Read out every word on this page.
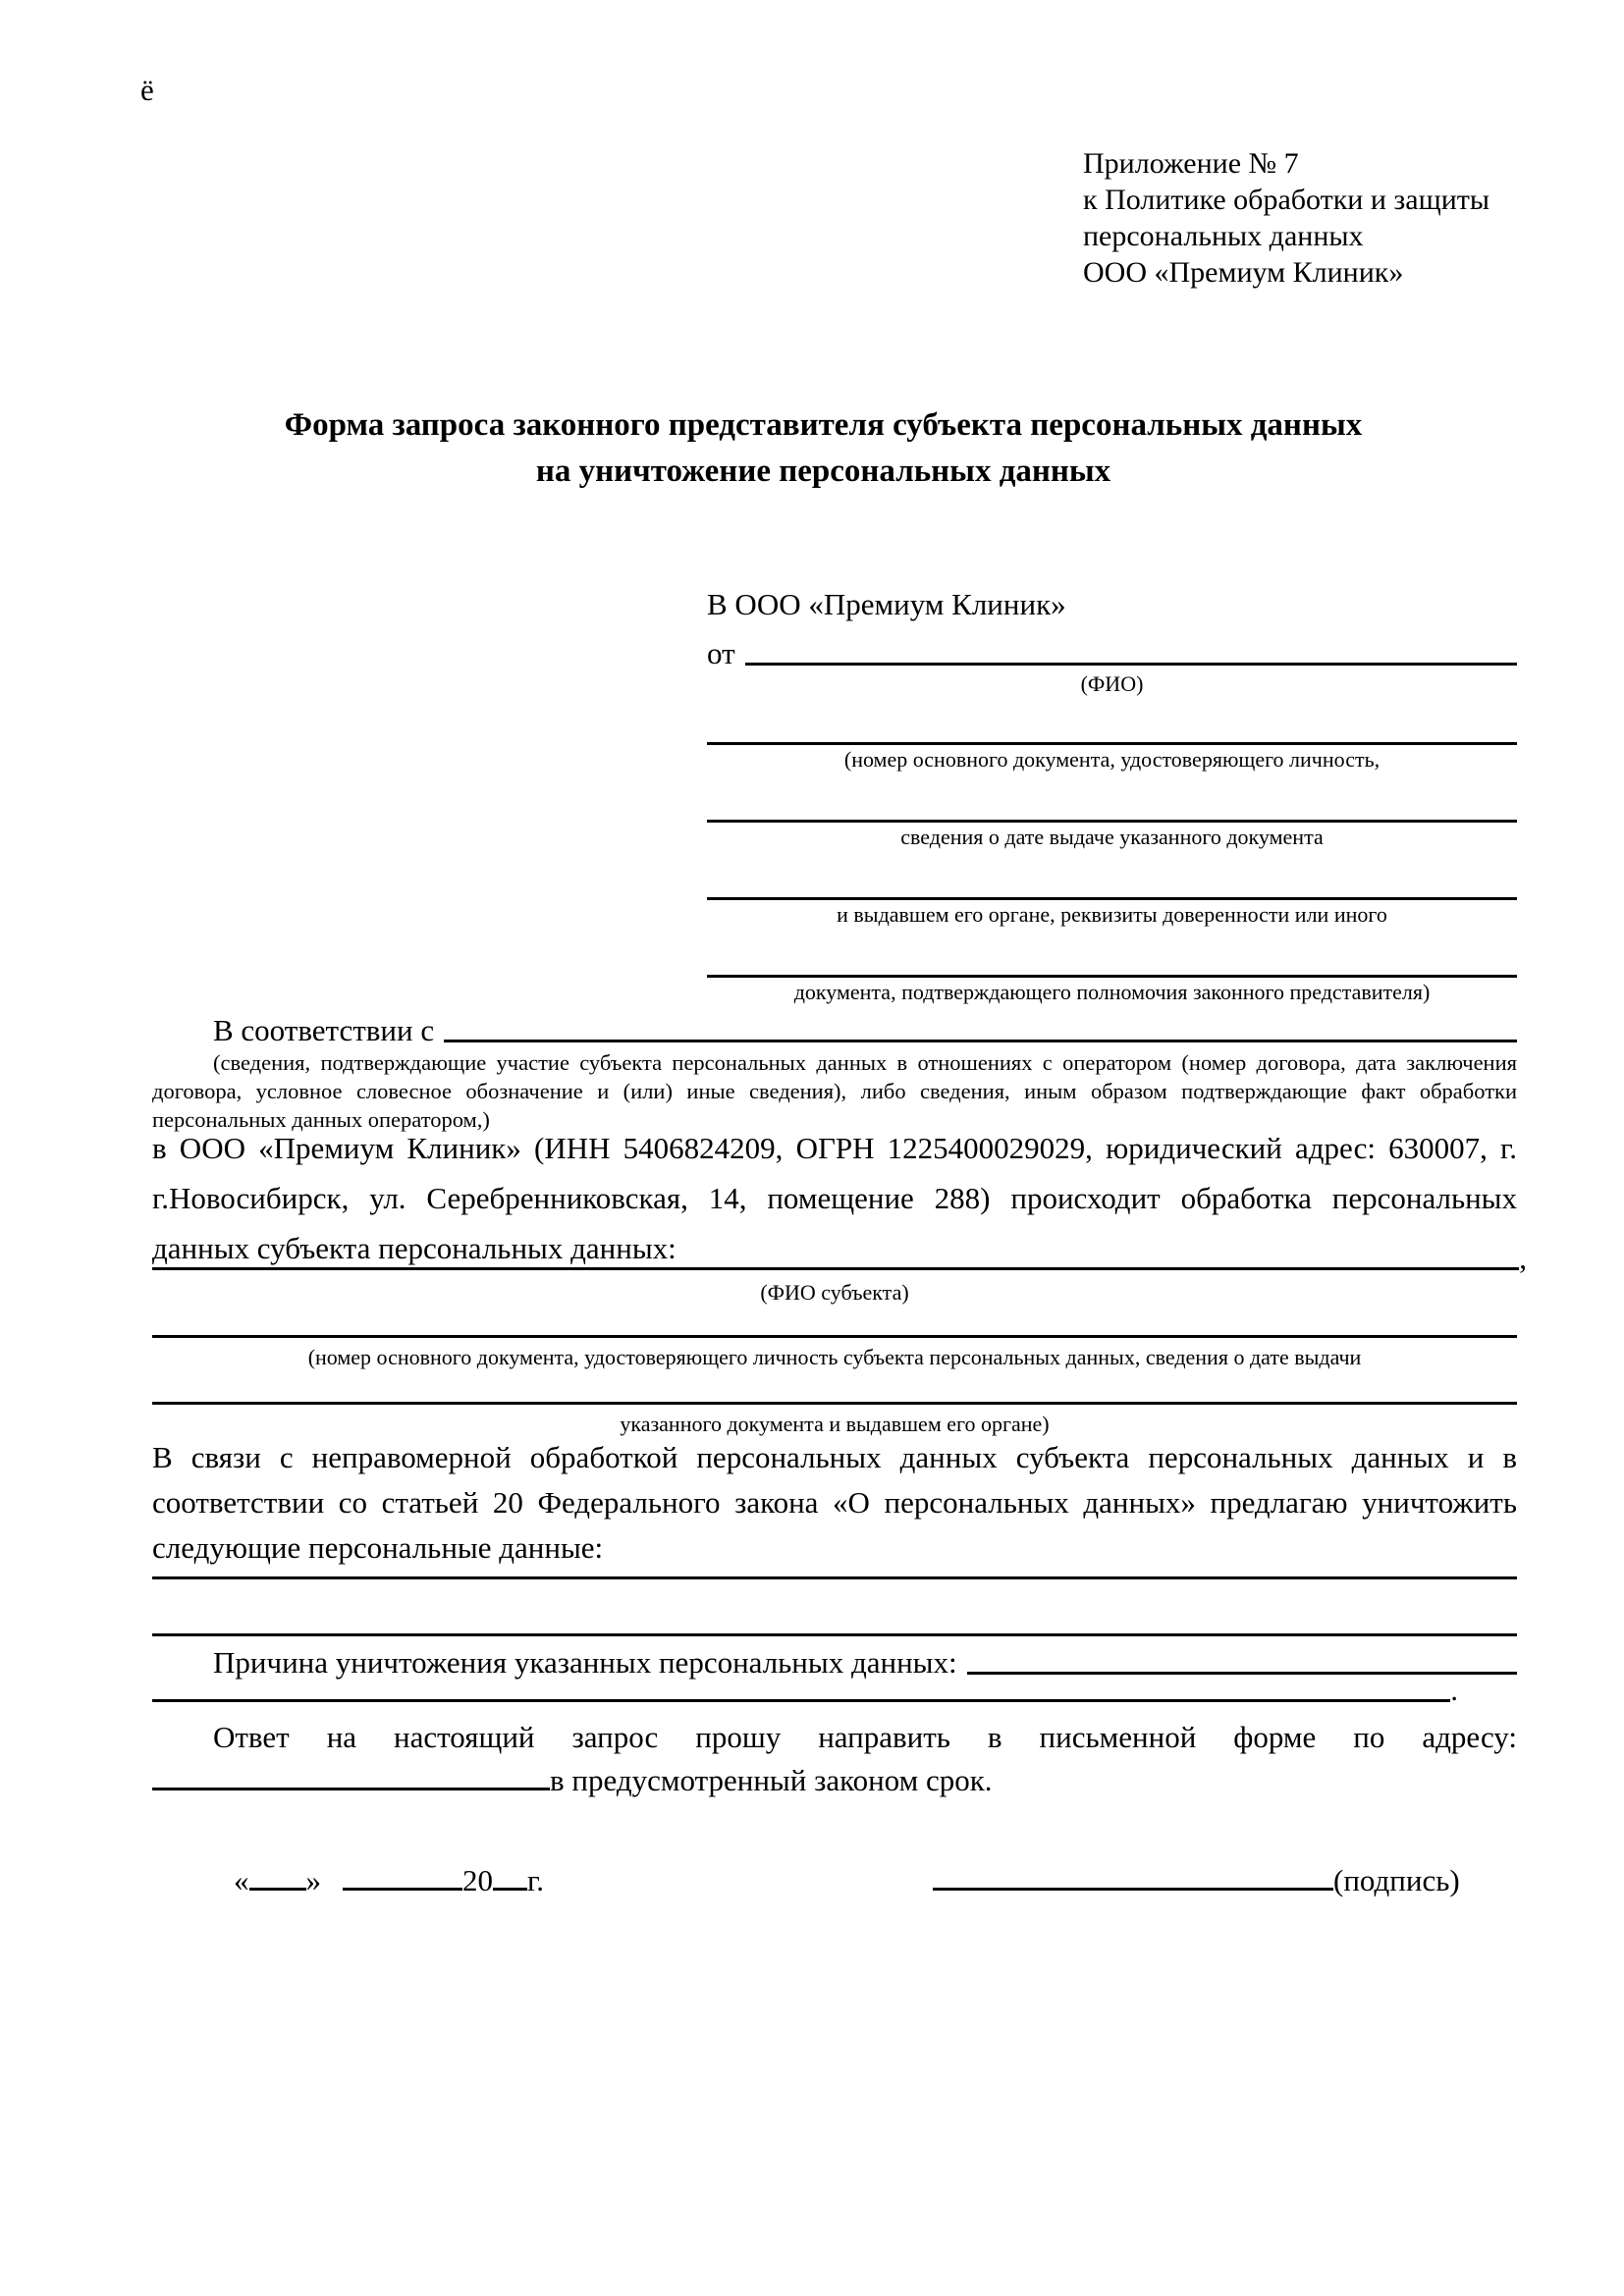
ё
Приложение № 7
к Политике обработки и защиты
персональных данных
ООО «Премиум Клиник»
Форма запроса законного представителя субъекта персональных данных
на уничтожение персональных данных
В ООО «Премиум Клиник»
от
(ФИО)
(номер основного документа, удостоверяющего личность,
сведения о дате выдаче указанного документа
и выдавшем его органе, реквизиты доверенности или иного
документа, подтверждающего полномочия законного представителя)
В соответствии с
(сведения, подтверждающие участие субъекта персональных данных в отношениях с оператором (номер договора, дата заключения договора, условное словесное обозначение и (или) иные сведения), либо сведения, иным образом подтверждающие факт обработки персональных данных оператором,)
в ООО «Премиум Клиник» (ИНН 5406824209, ОГРН 1225400029029, юридический адрес: 630007, г. г.Новосибирск, ул. Серебренниковская, 14, помещение 288) происходит обработка персональных данных субъекта персональных данных:	,
(ФИО субъекта)
(номер основного документа, удостоверяющего личность субъекта персональных данных, сведения о дате выдачи
указанного документа и выдавшем его органе)
В связи с неправомерной обработкой персональных данных субъекта персональных данных и в соответствии со статьей 20 Федерального закона «О персональных данных» предлагаю уничтожить следующие персональные данные:
Причина уничтожения указанных персональных данных:
.
Ответ на настоящий запрос прошу направить в письменной форме по адресу:
в предусмотренный законом срок.
« »	20 г.	(подпись)
